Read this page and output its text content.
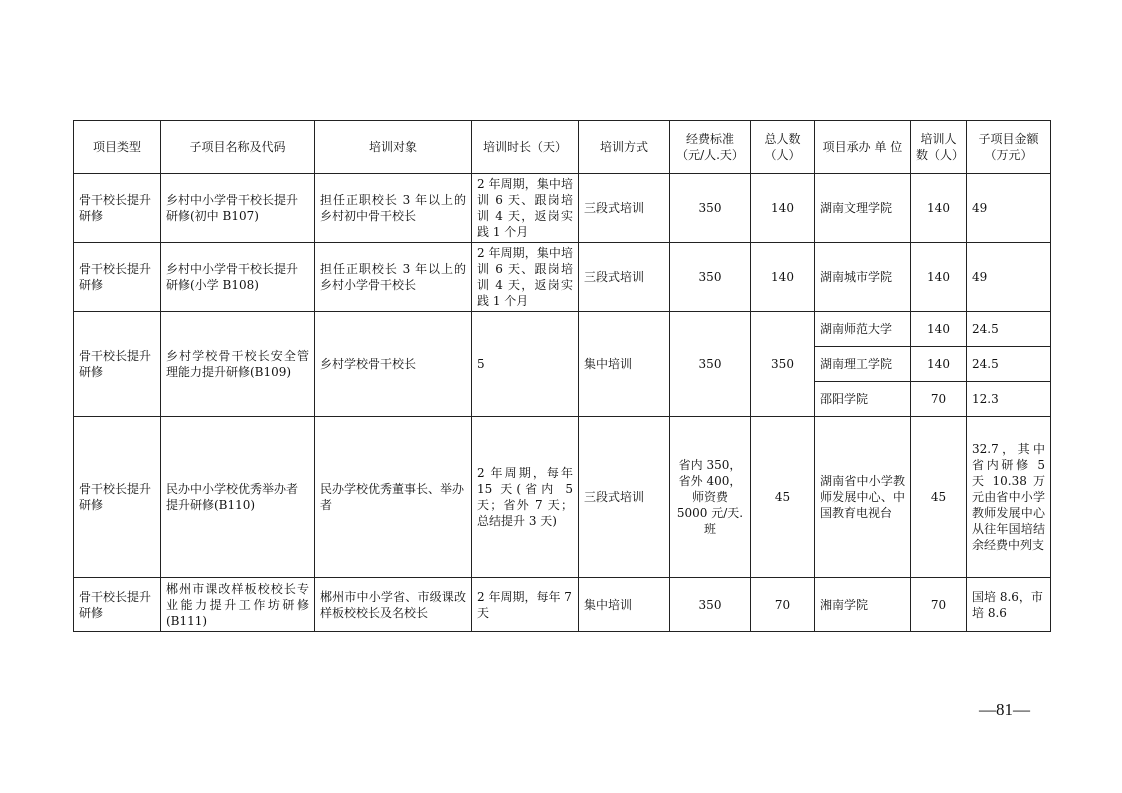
项目类型	子项目名称及代码	培训对象	培训时长（天）	培训方式	经费标准（元/人.天）	总人数（人）	项目承办 单 位	培训人数（人）	子项目金额（万元）
骨干校长提升研修	乡村中小学骨干校长提升研修(初中 B107)	担任正职校长 3 年以上的乡村初中骨干校长	2 年周期，集中培训 6 天、跟岗培训 4 天，返岗实践 1 个月	三段式培训	350	140	湖南文理学院	140	49
骨干校长提升研修	乡村中小学骨干校长提升研修(小学 B108)	担任正职校长 3 年以上的乡村小学骨干校长	2 年周期，集中培训 6 天、跟岗培训 4 天，返岗实践 1 个月	三段式培训	350	140	湖南城市学院	140	49
骨干校长提升研修	乡村学校骨干校长安全管理能力提升研修(B109)	乡村学校骨干校长	5	集中培训	350	350	湖南师范大学	140	24.5
							湖南理工学院	140	24.5
							邵阳学院	70	12.3
骨干校长提升研修	民办中小学校优秀举办者提升研修(B110)	民办学校优秀董事长、举办者	2 年周期，每年 15 天(省内 5 天；省外 7 天；总结提升 3 天)	三段式培训	省内 350，省外 400，师资费 5000 元/天.班	45	湖南省中小学教师发展中心、中国教育电视台	45	32.7，其中省内研修 5 天 10.38 万元由省中小学教师发展中心从往年国培结余经费中列支
骨干校长提升研修	郴州市课改样板校校长专业能力提升工作坊研修(B111)	郴州市中小学省、市级课改样板校校长及名校长	2 年周期，每年 7 天	集中培训	350	70	湘南学院	70	国培 8.6，市培 8.6
—81—
